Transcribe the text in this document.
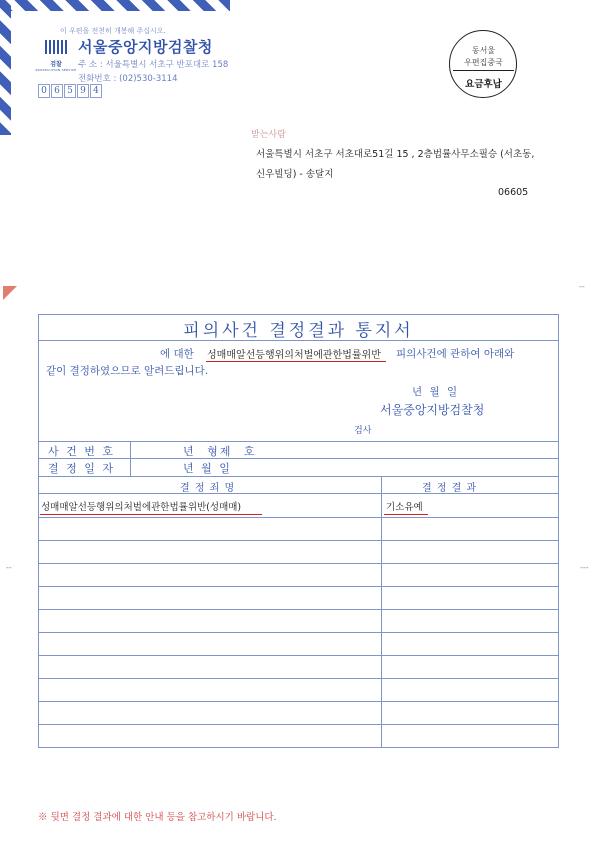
이 우편을 전천히 개봉해 주십시오.
검찰
PROSECUTION SERVICE
서울중앙지방검찰청
주 소 : 서울특별시 서초구 반포대로 158
전화번호 : (02)530-3114
0 6 5 9 4
동서울
우편집중국
요금후납
받는사람
서울특별시 서초구 서초대로51길 15 , 2층법률사무소필승 (서초동,신우빌딩) - 송달지
06605
--
--	---
피의사건 결정결과 통지서
에 대한 성매매알선등행위의처벌에관한법률위반 피의사건에 관하여 아래와
같이 결정하였으므로 알려드립니다.
년 월 일
서울중앙지방검찰청
검사
사 건 번 호	년 형제 호
결 정 일 자	년 월 일
결 정 죄 명	결 정 결 과
성매매알선등행위의처벌에관한법률위반(성매매)	기소유예
※ 뒷면 결정 결과에 대한 안내 등을 참고하시기 바랍니다.
